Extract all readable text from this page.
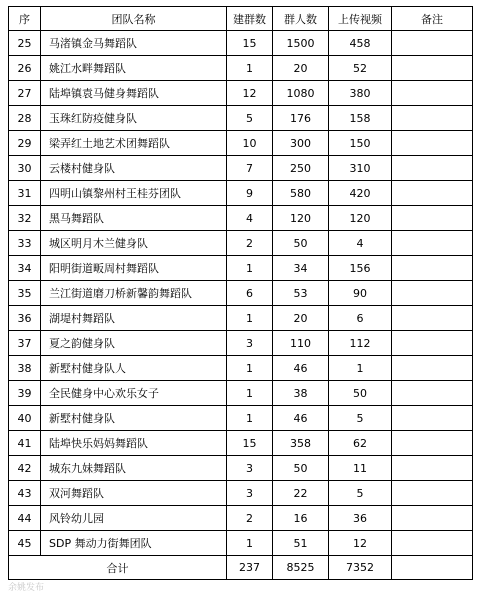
序	团队名称	建群数	群人数	上传视频	备注
25	马渚镇金马舞蹈队	15	1500	458	
26	姚江水畔舞蹈队	1	20	52	
27	陆埠镇袁马健身舞蹈队	12	1080	380	
28	玉珠红防疫健身队	5	176	158	
29	梁弄红土地艺术团舞蹈队	10	300	150	
30	云楼村健身队	7	250	310	
31	四明山镇黎州村王桂芬团队	9	580	420	
32	黑马舞蹈队	4	120	120	
33	城区明月木兰健身队	2	50	4	
34	阳明街道畈周村舞蹈队	1	34	156	
35	兰江街道磨刀桥新馨韵舞蹈队	6	53	90	
36	湖堤村舞蹈队	1	20	6	
37	夏之韵健身队	3	110	112	
38	新墅村健身队人	1	46	1	
39	全民健身中心欢乐女子	1	38	50	
40	新墅村健身队	1	46	5	
41	陆埠快乐妈妈舞蹈队	15	358	62	
42	城东九妹舞蹈队	3	50	11	
43	双河舞蹈队	3	22	5	
44	风铃幼儿园	2	16	36	
45	SDP 舞动力街舞团队	1	51	12	
合计		237	8525	7352	
余姚发布
